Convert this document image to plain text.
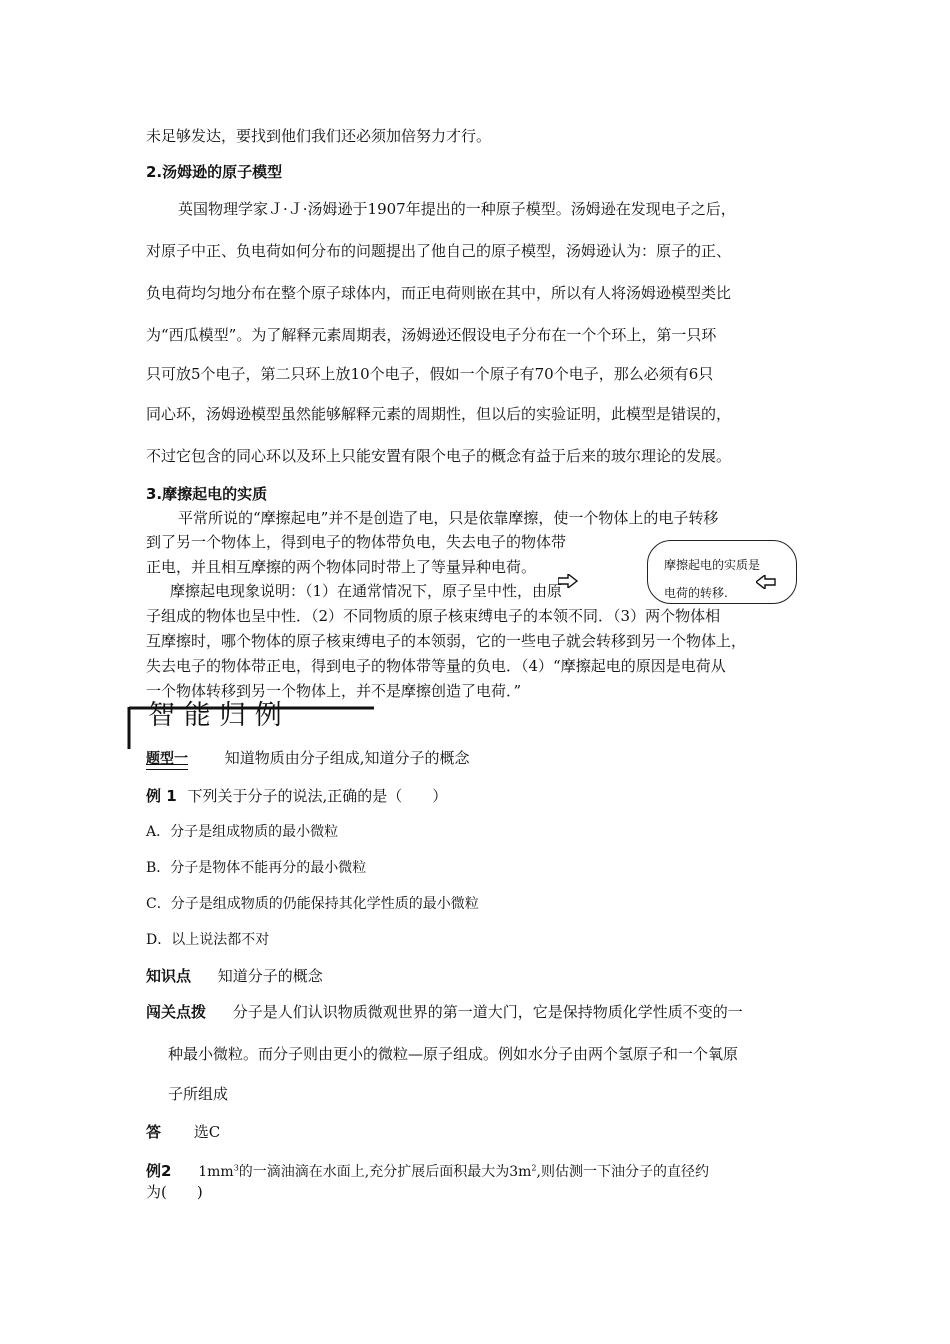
未足够发达，要找到他们我们还必须加倍努力才行。
2.汤姆逊的原子模型
英国物理学家Ｊ·Ｊ·汤姆逊于1907年提出的一种原子模型。汤姆逊在发现电子之后，
对原子中正、负电荷如何分布的问题提出了他自己的原子模型，汤姆逊认为：原子的正、
负电荷均匀地分布在整个原子球体内，而正电荷则嵌在其中，所以有人将汤姆逊模型类比
为“西瓜模型”。为了解释元素周期表，汤姆逊还假设电子分布在一个个环上，第一只环
只可放5个电子，第二只环上放10个电子，假如一个原子有70个电子，那么必须有6只
同心环，汤姆逊模型虽然能够解释元素的周期性，但以后的实验证明，此模型是错误的，
不过它包含的同心环以及环上只能安置有限个电子的概念有益于后来的玻尔理论的发展。
3.摩擦起电的实质
平常所说的“摩擦起电”并不是创造了电，只是依靠摩擦，使一个物体上的电子转移
到了另一个物体上，得到电子的物体带负电，失去电子的物体带
正电，并且相互摩擦的两个物体同时带上了等量异种电荷。
摩擦起电现象说明：（1）在通常情况下，原子呈中性，由原
子组成的物体也呈中性．（2）不同物质的原子核束缚电子的本领不同．（3）两个物体相
互摩擦时，哪个物体的原子核束缚电子的本领弱，它的一些电子就会转移到另一个物体上，
失去电子的物体带正电，得到电子的物体带等量的负电．（4）“摩擦起电的原因是电荷从
一个物体转移到另一个物体上，并不是摩擦创造了电荷．”
摩擦起电的实质是
电荷的转移.
智 能 归 例
题型一 知道物质由分子组成,知道分子的概念
例 1 下列关于分子的说法,正确的是（　　）
A．分子是组成物质的最小微粒
B．分子是物体不能再分的最小微粒
C．分子是组成物质的仍能保持其化学性质的最小微粒
D．以上说法都不对
知识点 知道分子的概念
闯关点拨 分子是人们认识物质微观世界的第一道大门，它是保持物质化学性质不变的一
种最小微粒。而分子则由更小的微粒—原子组成。例如水分子由两个氢原子和一个氧原
子所组成
答 选C
例2 $1mm^3$的一滴油滴在水面上,充分扩展后面积最大为$3m^2$,则估测一下油分子的直径约
为(　　)
